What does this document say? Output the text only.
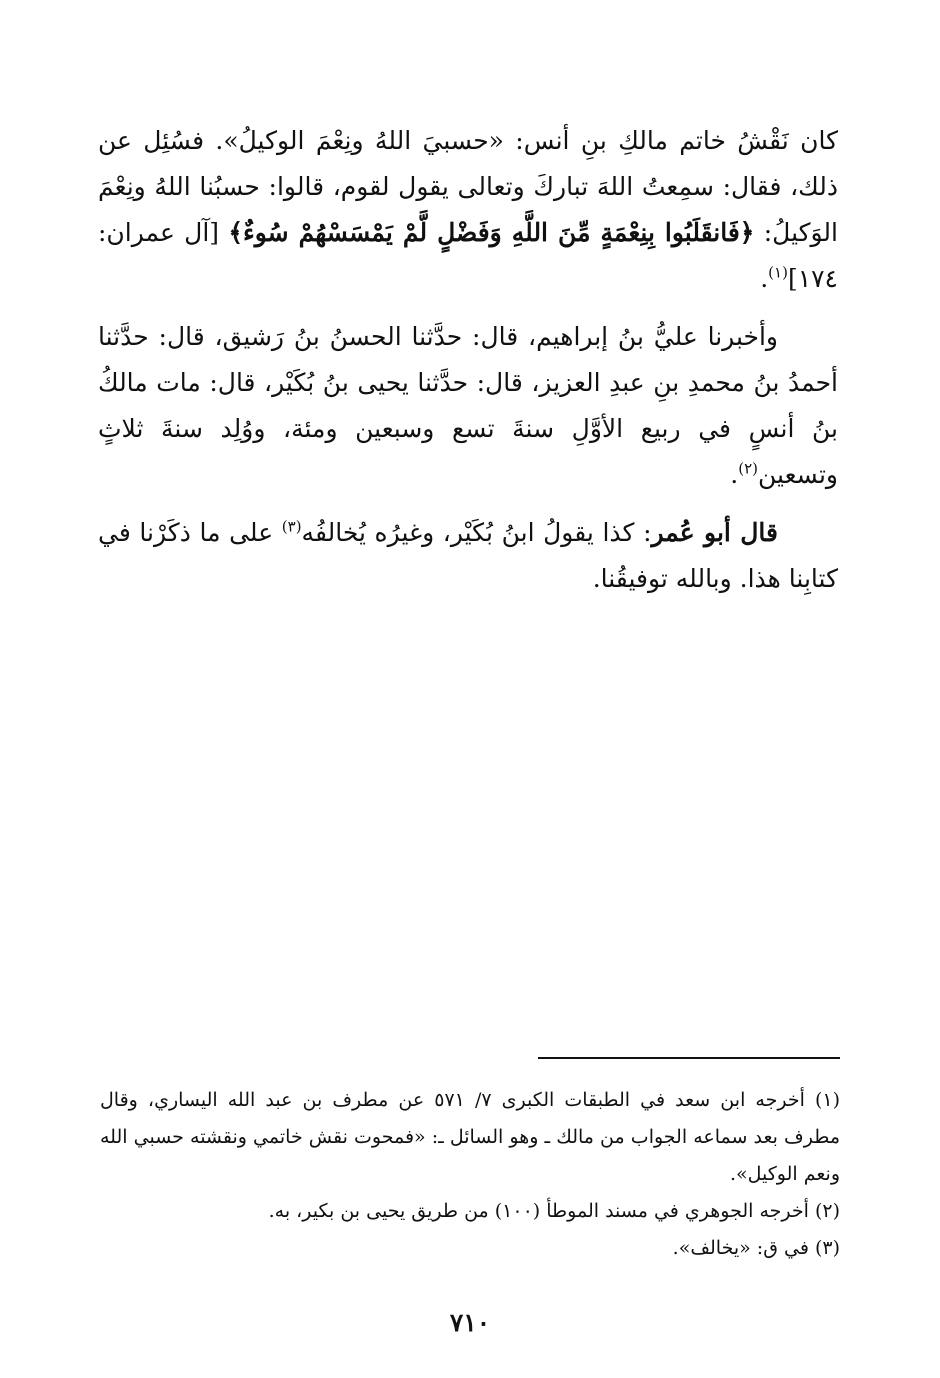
كان نَقْشُ خاتم مالكِ بنِ أنس: «حسبيَ اللهُ ونِعْمَ الوكيلُ». فسُئِل عن ذلك، فقال: سمِعتُ اللهَ تباركَ وتعالى يقول لقوم، قالوا: حسبُنا اللهُ ونِعْمَ الوَكيلُ: ﴿فَانقَلَبُوا بِنِعْمَةٍ مِّنَ اللَّهِ وَفَضْلٍ لَّمْ يَمْسَسْهُمْ سُوءٌ﴾ [آل عمران: ١٧٤]$^{(١)}$.

وأخبرنا عليُّ بنُ إبراهيم، قال: حدَّثنا الحسنُ بنُ رَشيق، قال: حدَّثنا أحمدُ بنُ محمدِ بنِ عبدِ العزيز، قال: حدَّثنا يحيى بنُ بُكَيْر، قال: مات مالكُ بنُ أنسٍ في ربيع الأوَّلِ سنةَ تسع وسبعين ومئة، ووُلِد سنةَ ثلاثٍ وتسعين$^{(٢)}$.

قال أبو عُمر: كذا يقولُ ابنُ بُكَيْر، وغيرُه يُخالفُه$^{(٣)}$ على ما ذكَرْنا في كتابِنا هذا. وبالله توفيقُنا.

(١) أخرجه ابن سعد في الطبقات الكبرى ٧/ ٥٧١ عن مطرف بن عبد الله اليساري، وقال مطرف بعد سماعه الجواب من مالك ـ وهو السائل ـ: «فمحوت نقش خاتمي ونقشته حسبي الله ونعم الوكيل».

(٢) أخرجه الجوهري في مسند الموطأ (١٠٠) من طريق يحيى بن بكير، به.

(٣) في ق: «يخالف».

٧١٠
